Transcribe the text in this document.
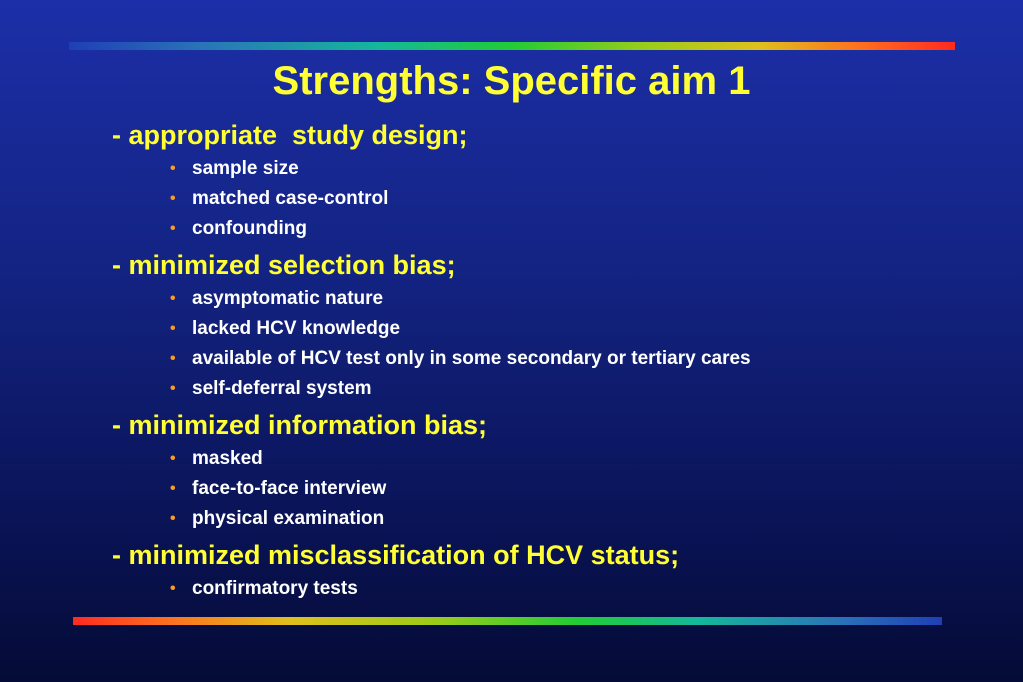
Strengths: Specific aim 1
- appropriate  study design;
• sample size
• matched case-control
• confounding
- minimized selection bias;
• asymptomatic nature
• lacked HCV knowledge
• available of HCV test only in some secondary or tertiary cares
• self-deferral system
- minimized information bias;
• masked
• face-to-face interview
• physical examination
- minimized misclassification of HCV status;
• confirmatory tests
